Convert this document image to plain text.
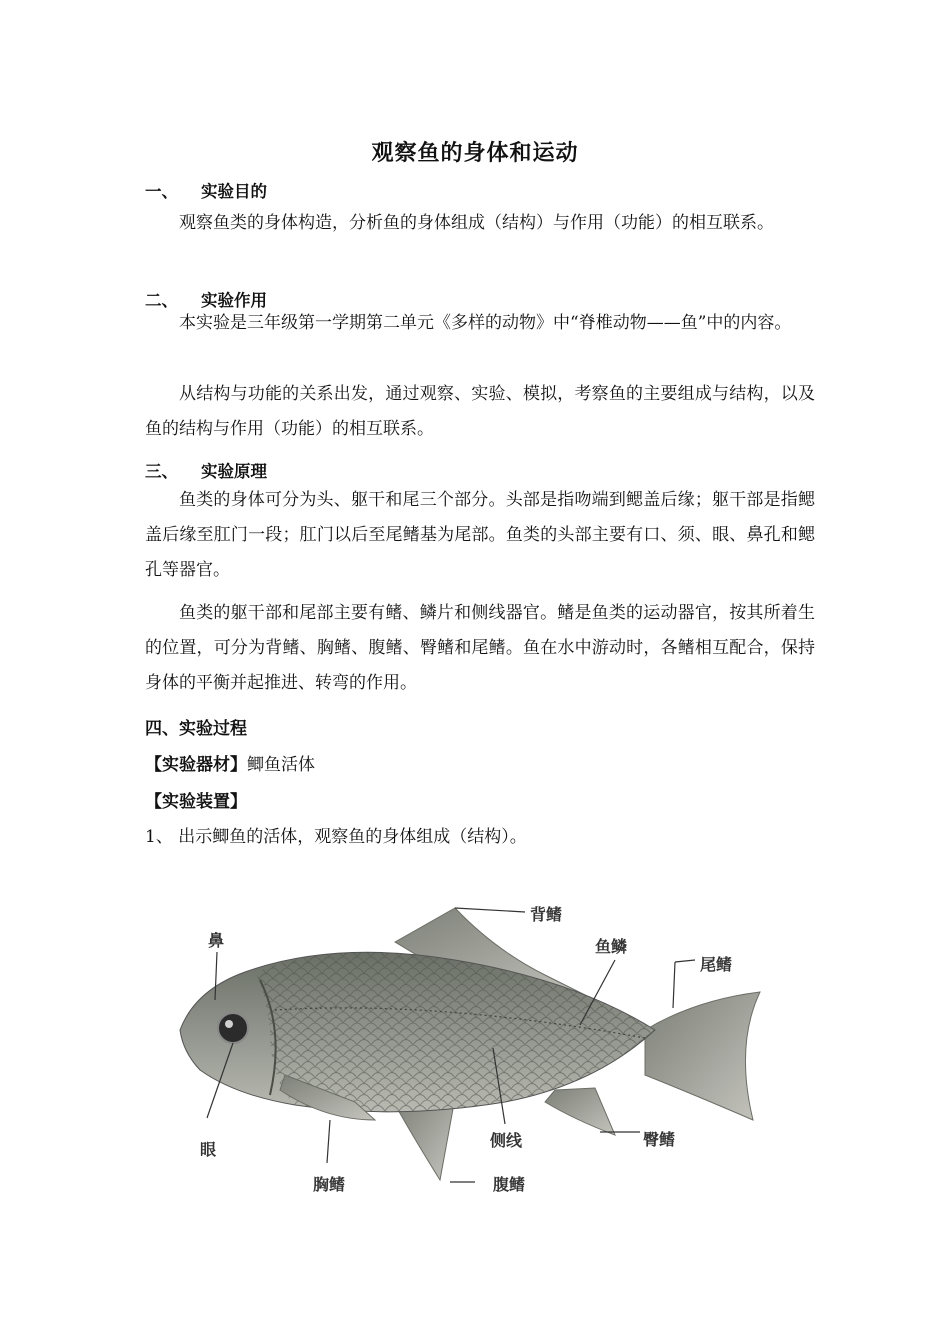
观察鱼的身体和运动
一、 实验目的
观察鱼类的身体构造，分析鱼的身体组成（结构）与作用（功能）的相互联系。
二、 实验作用
本实验是三年级第一学期第二单元《多样的动物》中“脊椎动物——鱼”中的内容。
从结构与功能的关系出发，通过观察、实验、模拟，考察鱼的主要组成与结构，以及鱼的结构与作用（功能）的相互联系。
三、 实验原理
鱼类的身体可分为头、躯干和尾三个部分。头部是指吻端到鳃盖后缘；躯干部是指鳃盖后缘至肛门一段；肛门以后至尾鳍基为尾部。鱼类的头部主要有口、须、眼、鼻孔和鳃孔等器官。
鱼类的躯干部和尾部主要有鳍、鳞片和侧线器官。鳍是鱼类的运动器官，按其所着生的位置，可分为背鳍、胸鳍、腹鳍、臀鳍和尾鳍。鱼在水中游动时，各鳍相互配合，保持身体的平衡并起推进、转弯的作用。
四、实验过程
【实验器材】鲫鱼活体
【实验装置】
1、 出示鲫鱼的活体，观察鱼的身体组成（结构）。
背鳍
鱼鳞
尾鳍
鼻
眼
胸鳍
侧线
腹鳍
臀鳍
